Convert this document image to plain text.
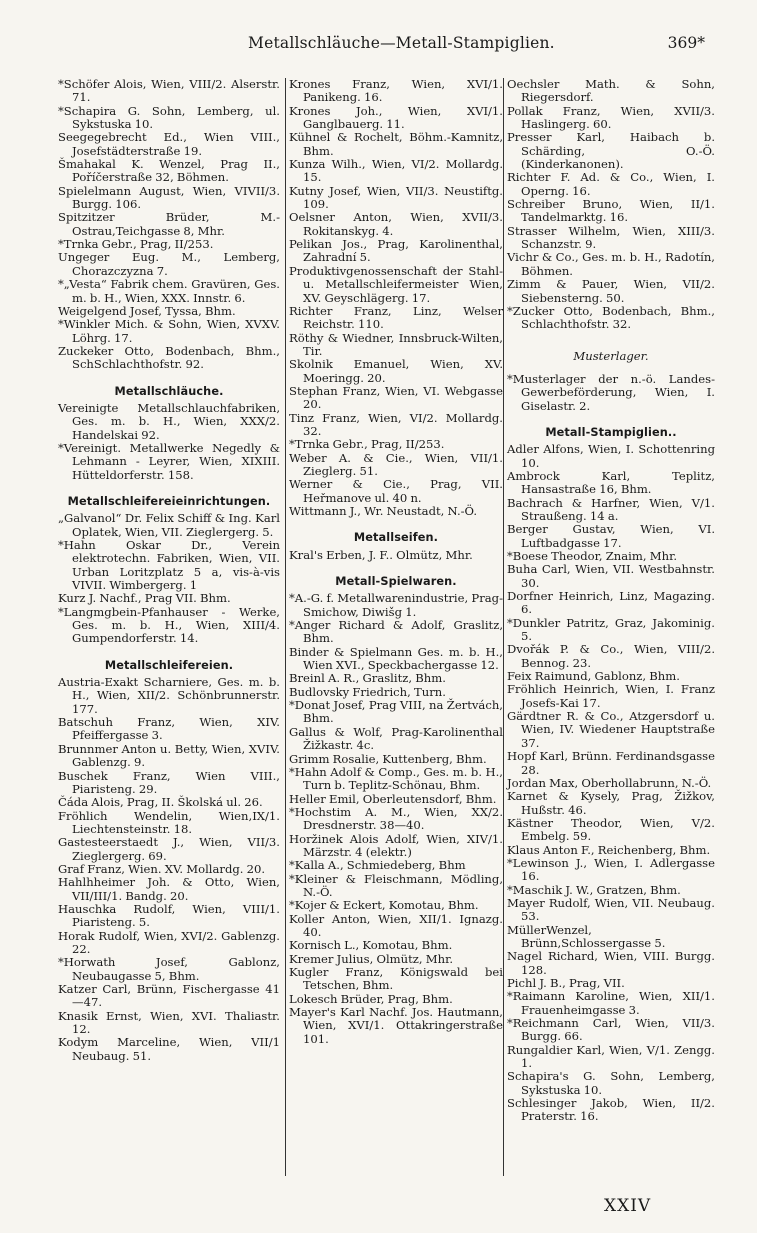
Metallschläuche—Metall-Stampiglien.	369*
*Schöfer Alois, Wien, VIII/2. Alserstr. 71.
*Schapira G. Sohn, Lemberg, ul. Sykstuska 10.
Seegegebrecht Ed., Wien VIII., Josefstädterstraße 19.
Šmahakal K. Wenzel, Prag II., Poříčerstraße 32, Böhmen.
Spielelmann August, Wien, VIVII/3. Burgg. 106.
Spitzitzer Brüder, M.-Ostrau,Teichgasse 8, Mhr.
*Trnka Gebr., Prag, II/253.
Ungeger Eug. M., Lemberg, Chorazczyzna 7.
*„Vesta“ Fabrik chem. Gravüren, Ges. m. b. H., Wien, XXX. Innstr. 6.
Weigelgend Josef, Tyssa, Bhm.
*Winkler Mich. & Sohn, Wien, XVXV. Löhrg. 17.
Zuckeker Otto, Bodenbach, Bhm., SchSchlachthofstr. 92.
Metallschläuche.
Vereinigte Metallschlauchfabriken, Ges. m. b. H., Wien, XXX/2. Handelskai 92.
*Vereinigt. Metallwerke Negedly & Lehmann - Leyrer, Wien, XIXIII. Hütteldorferstr. 158.
Metallschleifereieinrichtungen.
„Galvanol“ Dr. Felix Schiff & Ing. Karl Oplatek, Wien, VII. Zieglergerg. 5.
*Hahn Oskar Dr., Verein elektrotechn. Fabriken, Wien, VII. Urban Loritzplatz 5 a, vis-à-vis VIVII. Wimbergerg. 1
Kurz J. Nachf., Prag VII. Bhm.
*Langmgbein-Pfanhauser - Werke, Ges. m. b. H., Wien, XIII/4. Gumpendorferstr. 14.
Metallschleifereien.
Austria-Exakt Scharniere, Ges. m. b. H., Wien, XII/2. Schönbrunnerstr. 177.
Batschuh Franz, Wien, XIV. Pfeiffergasse 3.
Brunnmer Anton u. Betty, Wien, XVIV. Gablenzg. 9.
Buschek Franz, Wien VIII., Piaristeng. 29.
Čáda Alois, Prag, II. Školská ul. 26.
Fröhlich Wendelin, Wien,IX/1. Liechtensteinstr. 18.
Gastesteerstaedt J., Wien, VII/3. Zieglergerg. 69.
Graf Franz, Wien. XV. Mollardg. 20.
Hahlhheimer Joh. & Otto, Wien, VII/III/1. Bandg. 20.
Hauschka Rudolf, Wien, VIII/1. Piaristeng. 5.
Horak Rudolf, Wien, XVI/2. Gablenzg. 22.
*Horwath Josef, Gablonz, Neubaugasse 5, Bhm.
Katzer Carl, Brünn, Fischergasse 41—47.
Knasik Ernst, Wien, XVI. Thaliastr. 12.
Kodym Marceline, Wien, VII/1 Neubaug. 51.
Krones Franz, Wien, XVI/1. Panikeng. 16.
Krones Joh., Wien, XVI/1. Ganglbauerg. 11.
Kühnel & Rochelt, Böhm.-Kamnitz, Bhm.
Kunza Wilh., Wien, VI/2. Mollardg. 15.
Kutny Josef, Wien, VII/3. Neustiftg. 109.
Oelsner Anton, Wien, XVII/3. Rokitanskyg. 4.
Pelikan Jos., Prag, Karolinenthal, Zahradní 5.
Produktivgenossenschaft der Stahl- u. Metallschleifermeister Wien, XV. Geyschlägerg. 17.
Richter Franz, Linz, Welser Reichstr. 110.
Röthy & Wiedner, Innsbruck-Wilten, Tir.
Skolnik Emanuel, Wien, XV. Moeringg. 20.
Stephan Franz, Wien, VI. Webgasse 20.
Tinz Franz, Wien, VI/2. Mollardg. 32.
*Trnka Gebr., Prag, II/253.
Weber A. & Cie., Wien, VII/1. Zieglerg. 51.
Werner & Cie., Prag, VII. Heřmanove ul. 40 n.
Wittmann J., Wr. Neustadt, N.-Ö.
Metallseifen.
Kral's Erben, J. F.. Olmütz, Mhr.
Metall-Spielwaren.
*A.-G. f. Metallwarenindustrie, Prag-Smichow, Diwišg 1.
*Anger Richard & Adolf, Graslitz, Bhm.
Binder & Spielmann Ges. m. b. H., Wien XVI., Speckbachergasse 12.
Breinl A. R., Graslitz, Bhm.
Budlovsky Friedrich, Turn.
*Donat Josef, Prag VIII, na Žertvách, Bhm.
Gallus & Wolf, Prag-Karolinenthal Žižkastr. 4c.
Grimm Rosalie, Kuttenberg, Bhm.
*Hahn Adolf & Comp., Ges. m. b. H., Turn b. Teplitz-Schönau, Bhm.
Heller Emil, Oberleutensdorf, Bhm.
*Hochstim A. M., Wien, XX/2. Dresdnerstr. 38—40.
Horžinek Alois Adolf, Wien, XIV/1. Märzstr. 4 (elektr.)
*Kalla A., Schmiedeberg, Bhm
*Kleiner & Fleischmann, Mödling, N.-Ö.
*Kojer & Eckert, Komotau, Bhm.
Koller Anton, Wien, XII/1. Ignazg. 40.
Kornisch L., Komotau, Bhm.
Kremer Julius, Olmütz, Mhr.
Kugler Franz, Königswald bei Tetschen, Bhm.
Lokesch Brüder, Prag, Bhm.
Mayer's Karl Nachf. Jos. Hautmann, Wien, XVI/1. Ottakringerstraße 101.
Oechsler Math. & Sohn, Riegersdorf.
Pollak Franz, Wien, XVII/3. Haslingerg. 60.
Presser Karl, Haibach b. Schärding, O.-Ö. (Kinderkanonen).
Richter F. Ad. & Co., Wien, I. Operng. 16.
Schreiber Bruno, Wien, II/1. Tandelmarktg. 16.
Strasser Wilhelm, Wien, XIII/3. Schanzstr. 9.
Vichr & Co., Ges. m. b. H., Radotín, Böhmen.
Zimm & Pauer, Wien, VII/2. Siebensterng. 50.
*Zucker Otto, Bodenbach, Bhm., Schlachthofstr. 32.
Musterlager.
*Musterlager der n.-ö. Landes-Gewerbeförderung, Wien, I. Giselastr. 2.
Metall-Stampiglien..
Adler Alfons, Wien, I. Schottenring 10.
Ambrock Karl, Teplitz, Hansastraße 16, Bhm.
Bachrach & Harfner, Wien, V/1. Straußeng. 14 a.
Berger Gustav, Wien, VI. Luftbadgasse 17.
*Boese Theodor, Znaim, Mhr.
Buha Carl, Wien, VII. Westbahnstr. 30.
Dorfner Heinrich, Linz, Magazing. 6.
*Dunkler Patritz, Graz, Jakominig. 5.
Dvořák P. & Co., Wien, VIII/2. Bennog. 23.
Feix Raimund, Gablonz, Bhm.
Fröhlich Heinrich, Wien, I. Franz Josefs-Kai 17.
Gärdtner R. & Co., Atzgersdorf u. Wien, IV. Wiedener Hauptstraße 37.
Hopf Karl, Brünn. Ferdinandsgasse 28.
Jordan Max, Oberhollabrunn, N.-Ö.
Karnet & Kysely, Prag, Žižkov, Hußstr. 46.
Kästner Theodor, Wien, V/2. Embelg. 59.
Klaus Anton F., Reichenberg, Bhm.
*Lewinson J., Wien, I. Adlergasse 16.
*Maschik J. W., Gratzen, Bhm.
Mayer Rudolf, Wien, VII. Neubaug. 53.
MüllerWenzel, Brünn,Schlossergasse 5.
Nagel Richard, Wien, VIII. Burgg. 128.
Pichl J. B., Prag, VII.
*Raimann Karoline, Wien, XII/1. Frauenheimgasse 3.
*Reichmann Carl, Wien, VII/3. Burgg. 66.
Rungaldier Karl, Wien, V/1. Zengg. 1.
Schapira's G. Sohn, Lemberg, Sykstuska 10.
Schlesinger Jakob, Wien, II/2. Praterstr. 16.
XXIV
